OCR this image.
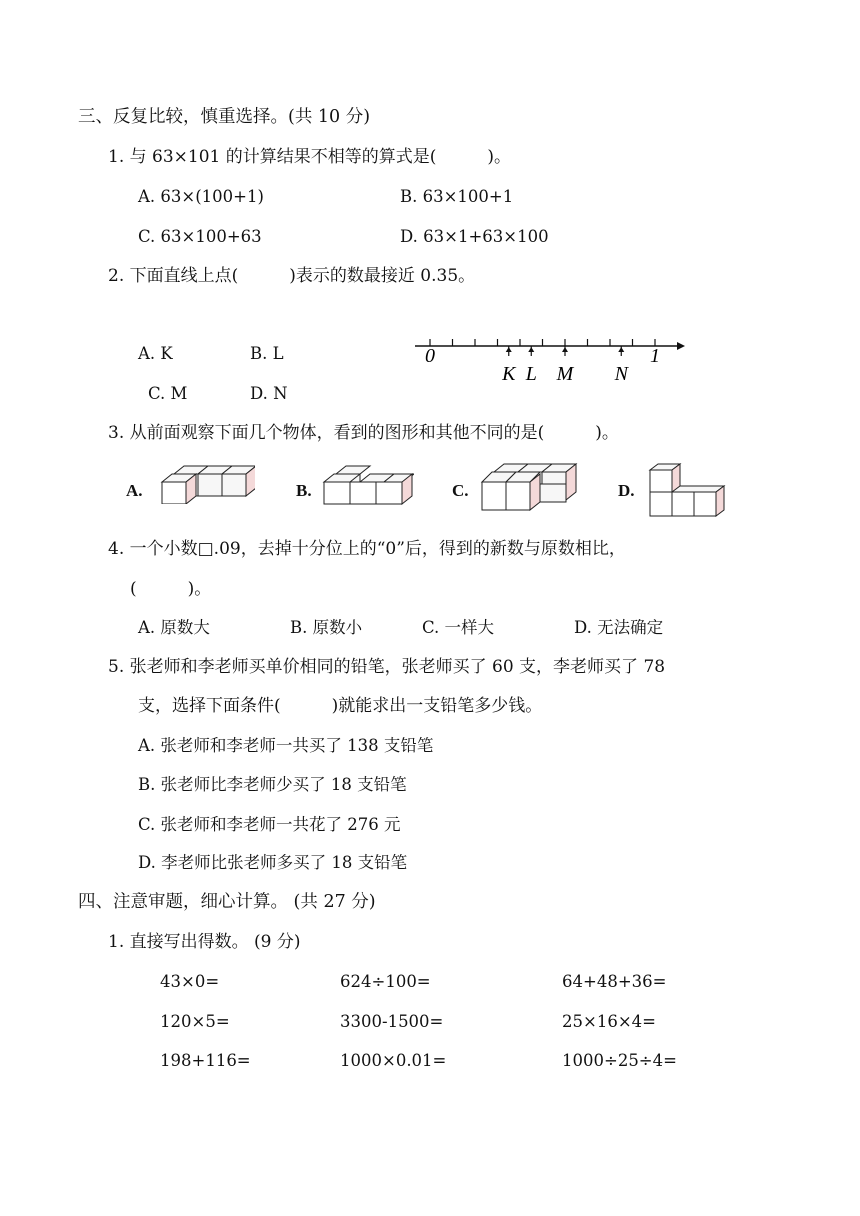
三、反复比较，慎重选择。(共 10 分)
1. 与 63×101 的计算结果不相等的算式是(　　　)。
A. 63×(100+1)	B. 63×100+1
C. 63×100+63	D. 63×1+63×100
2. 下面直线上点(　　　)表示的数最接近 0.35。
A. K	B. L
C. M	D. N
K L M N
0	1
3. 从前面观察下面几个物体，看到的图形和其他不同的是(　　　)。
A.	B.	C.	D.
4. 一个小数□.09，去掉十分位上的“0”后，得到的新数与原数相比，
(　　　)。
A. 原数大	B. 原数小	C. 一样大	D. 无法确定
5. 张老师和李老师买单价相同的铅笔，张老师买了 60 支，李老师买了 78
支，选择下面条件(　　　)就能求出一支铅笔多少钱。
A. 张老师和李老师一共买了 138 支铅笔
B. 张老师比李老师少买了 18 支铅笔
C. 张老师和李老师一共花了 276 元
D. 李老师比张老师多买了 18 支铅笔
四、注意审题，细心计算。 (共 27 分)
1. 直接写出得数。 (9 分)
43×0=	624÷100=	64+48+36=
120×5=	3300-1500=	25×16×4=
198+116=	1000×0.01=	1000÷25÷4=
